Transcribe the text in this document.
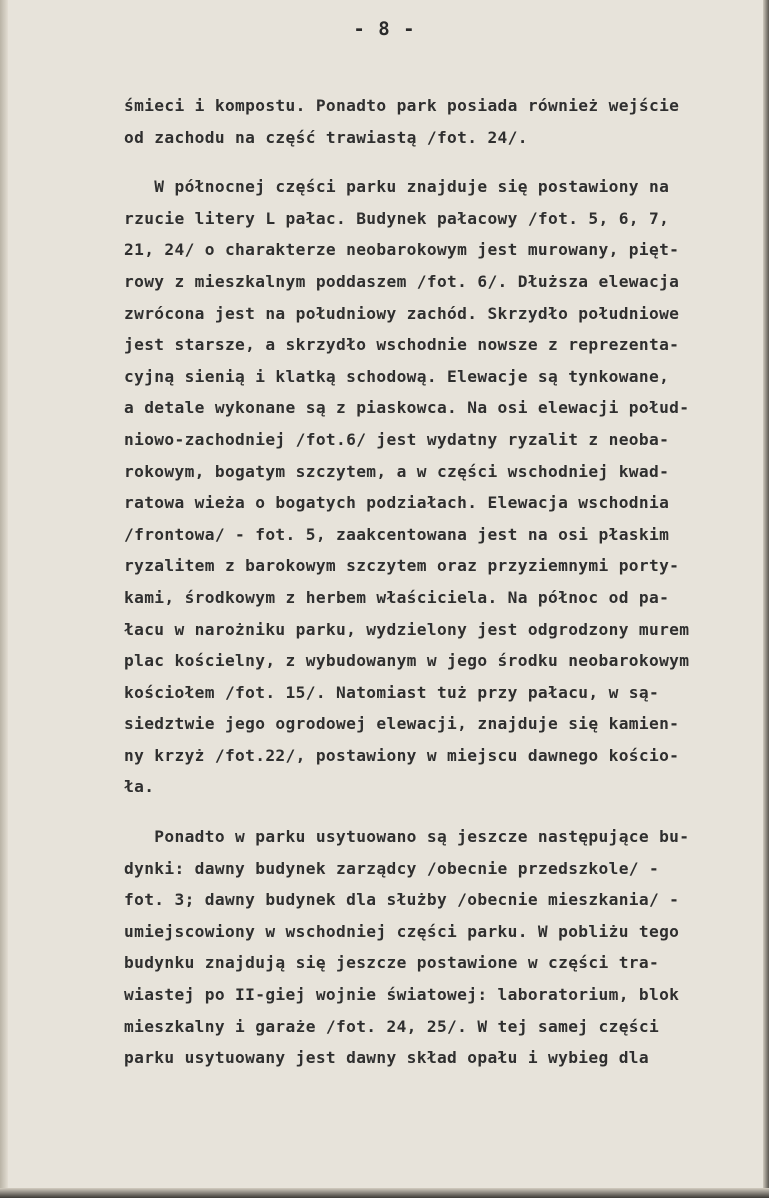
- 8 -
śmieci i kompostu. Ponadto park posiada również wejście
od zachodu na część trawiastą /fot. 24/.
W północnej części parku znajduje się postawiony na
rzucie litery L pałac. Budynek pałacowy /fot. 5, 6, 7,
21, 24/ o charakterze neobarokowym jest murowany, pięt-
rowy z mieszkalnym poddaszem /fot. 6/. Dłuższa elewacja
zwrócona jest na południowy zachód. Skrzydło południowe
jest starsze, a skrzydło wschodnie nowsze z reprezenta-
cyjną sienią i klatką schodową. Elewacje są tynkowane,
a detale wykonane są z piaskowca. Na osi elewacji połud-
niowo-zachodniej /fot.6/ jest wydatny ryzalit z neoba-
rokowym, bogatym szczytem, a w części wschodniej kwad-
ratowa wieża o bogatych podziałach. Elewacja wschodnia
/frontowa/ - fot. 5, zaakcentowana jest na osi płaskim
ryzalitem z barokowym szczytem oraz przyziemnymi porty-
kami, środkowym z herbem właściciela. Na północ od pa-
łacu w narożniku parku, wydzielony jest odgrodzony murem
plac kościelny, z wybudowanym w jego środku neobarokowym
kościołem /fot. 15/. Natomiast tuż przy pałacu, w są-
siedztwie jego ogrodowej elewacji, znajduje się kamien-
ny krzyż /fot.22/, postawiony w miejscu dawnego kościo-
ła.
Ponadto w parku usytuowano są jeszcze następujące bu-
dynki: dawny budynek zarządcy /obecnie przedszkole/ -
fot. 3; dawny budynek dla służby /obecnie mieszkania/ -
umiejscowiony w wschodniej części parku. W pobliżu tego
budynku znajdują się jeszcze postawione w części tra-
wiastej po II-giej wojnie światowej: laboratorium, blok
mieszkalny i garaże /fot. 24, 25/. W tej samej części
parku usytuowany jest dawny skład opału i wybieg dla
